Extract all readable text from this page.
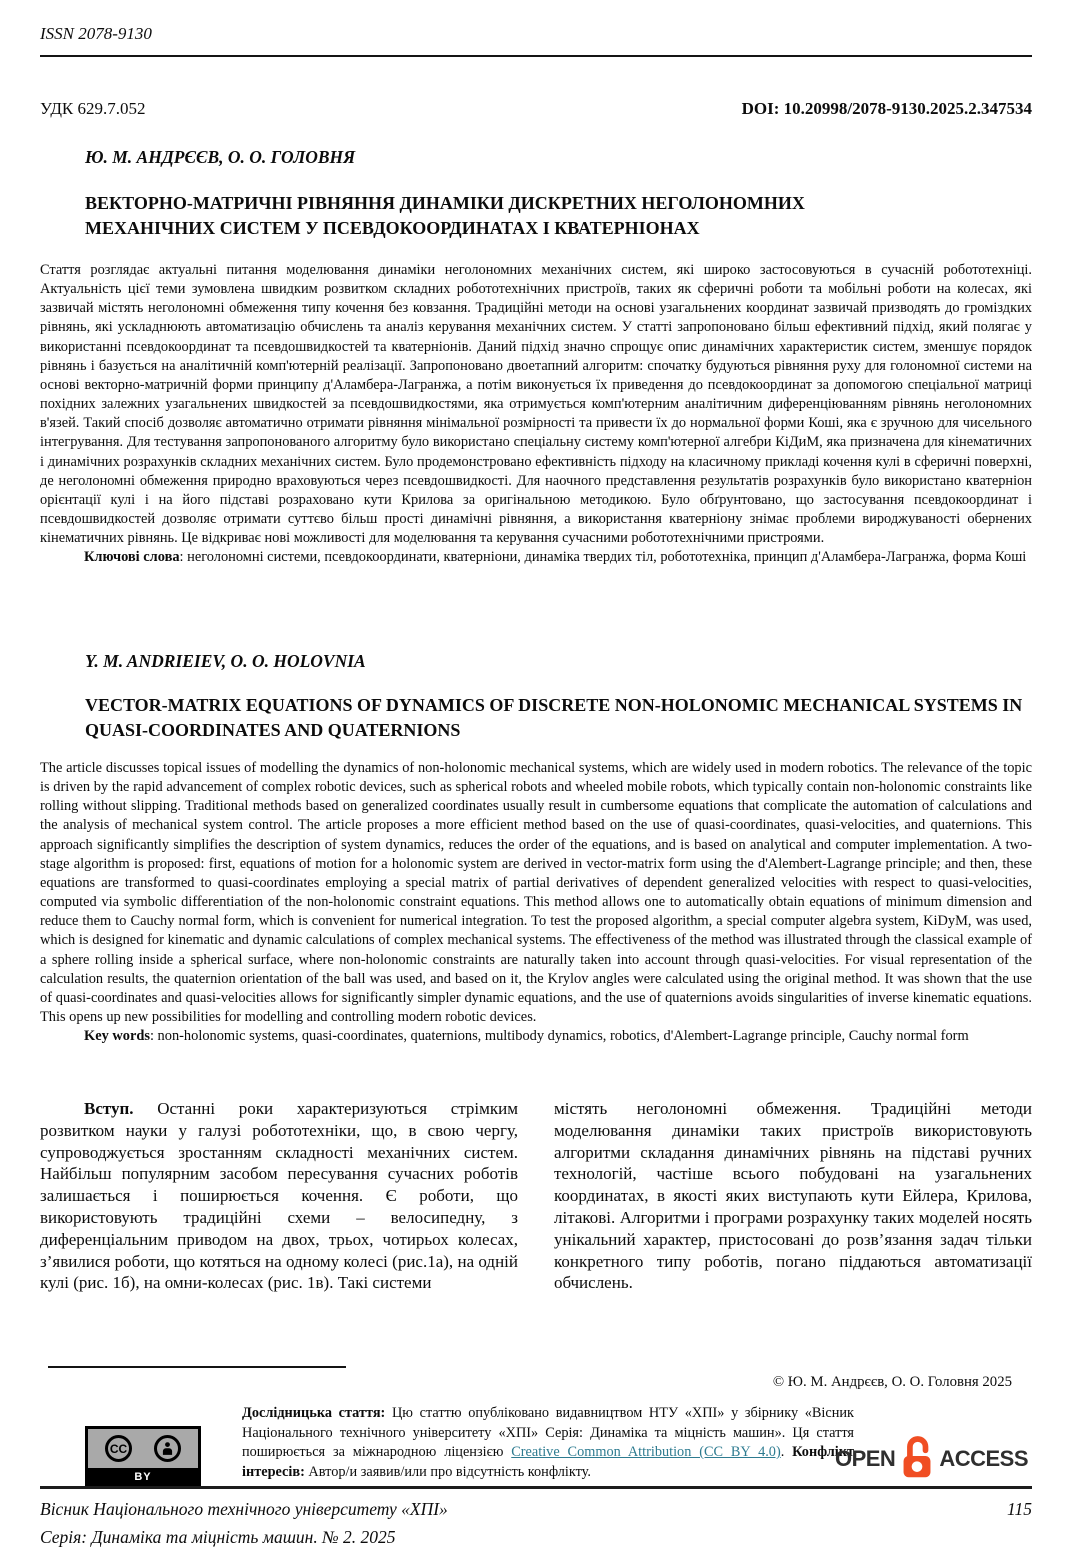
ISSN 2078-9130
УДК 629.7.052	DOI: 10.20998/2078-9130.2025.2.347534
Ю. М. АНДРЄЄВ, О. О. ГОЛОВНЯ
ВЕКТОРНО-МАТРИЧНІ РІВНЯННЯ ДИНАМІКИ ДИСКРЕТНИХ НЕГОЛОНОМНИХ МЕХАНІЧНИХ СИСТЕМ У ПСЕВДОКООРДИНАТАХ І КВАТЕРНІОНАХ

Стаття розглядає актуальні питання моделювання динаміки неголономних механічних систем, які широко застосовуються в сучасній робототехніці. Актуальність цієї теми зумовлена швидким розвитком складних робототехнічних пристроїв, таких як сферичні роботи та мобільні роботи на колесах, які зазвичай містять неголономні обмеження типу кочення без ковзання. Традиційні методи на основі узагальнених координат зазвичай призводять до громіздких рівнянь, які ускладнюють автоматизацію обчислень та аналіз керування механічних систем. У статті запропоновано більш ефективний підхід, який полягає у використанні псевдокоординат та псевдошвидкостей та кватерніонів. Даний підхід значно спрощує опис динамічних характеристик систем, зменшує порядок рівнянь і базується на аналітичній комп'ютерній реалізації. Запропоновано двоетапний алгоритм: спочатку будуються рівняння руху для голономної системи на основі векторно-матричній форми принципу д'Аламбера-Лагранжа, а потім виконується їх приведення до псевдокоординат за допомогою спеціальної матриці похідних залежних узагальнених швидкостей за псевдошвидкостями, яка отримується комп'ютерним аналітичним диференціюванням рівнянь неголономних в'язей. Такий спосіб дозволяє автоматично отримати рівняння мінімальної розмірності та привести їх до нормальної форми Коші, яка є зручною для чисельного інтегрування. Для тестування запропонованого алгоритму було використано спеціальну систему комп'ютерної алгебри КіДиМ, яка призначена для кінематичних і динамічних розрахунків складних механічних систем. Було продемонстровано ефективність підходу на класичному прикладі кочення кулі в сферичні поверхні, де неголономні обмеження природно враховуються через псевдошвидкості. Для наочного представлення результатів розрахунків було використано кватерніон орієнтації кулі і на його підставі розраховано кути Крилова за оригінальною методикою. Було обґрунтовано, що застосування псевдокоординат і псевдошвидкостей дозволяє отримати суттєво більш прості динамічні рівняння, а використання кватерніону знімає проблеми вироджуваності обернених кінематичних рівнянь. Це відкриває нові можливості для моделювання та керування сучасними робототехнічними пристроями.

Ключові слова: неголономні системи, псевдокоординати, кватерніони, динаміка твердих тіл, робототехніка, принцип д'Аламбера-Лагранжа, форма Коші

Y. M. ANDRIEIEV, O. O. HOLOVNIA
VECTOR-MATRIX EQUATIONS OF DYNAMICS OF DISCRETE NON-HOLONOMIC MECHANICAL SYSTEMS IN QUASI-COORDINATES AND QUATERNIONS

The article discusses topical issues of modelling the dynamics of non-holonomic mechanical systems, which are widely used in modern robotics. The relevance of the topic is driven by the rapid advancement of complex robotic devices, such as spherical robots and wheeled mobile robots, which typically contain non-holonomic constraints like rolling without slipping. Traditional methods based on generalized coordinates usually result in cumbersome equations that complicate the automation of calculations and the analysis of mechanical system control. The article proposes a more efficient method based on the use of quasi-coordinates, quasi-velocities, and quaternions. This approach significantly simplifies the description of system dynamics, reduces the order of the equations, and is based on analytical and computer implementation. A two-stage algorithm is proposed: first, equations of motion for a holonomic system are derived in vector-matrix form using the d'Alembert-Lagrange principle; and then, these equations are transformed to quasi-coordinates employing a special matrix of partial derivatives of dependent generalized velocities with respect to quasi-velocities, computed via symbolic differentiation of the non-holonomic constraint equations. This method allows one to automatically obtain equations of minimum dimension and reduce them to Cauchy normal form, which is convenient for numerical integration. To test the proposed algorithm, a special computer algebra system, KiDyM, was used, which is designed for kinematic and dynamic calculations of complex mechanical systems. The effectiveness of the method was illustrated through the classical example of a sphere rolling inside a spherical surface, where non-holonomic constraints are naturally taken into account through quasi-velocities. For visual representation of the calculation results, the quaternion orientation of the ball was used, and based on it, the Krylov angles were calculated using the original method. It was shown that the use of quasi-coordinates and quasi-velocities allows for significantly simpler dynamic equations, and the use of quaternions avoids singularities of inverse kinematic equations. This opens up new possibilities for modelling and controlling modern robotic devices.

Key words: non-holonomic systems, quasi-coordinates, quaternions, multibody dynamics, robotics, d'Alembert-Lagrange principle, Cauchy normal form

Вступ. Останні роки характеризуються стрімким розвитком науки у галузі робототехніки, що, в свою чергу, супроводжується зростанням складності механічних систем. Найбільш популярним засобом пересування сучасних роботів залишається і поширюється кочення. Є роботи, що використовують традиційні схеми – велосипедну, з диференціальним приводом на двох, трьох, чотирьох колесах, з’явилися роботи, що котяться на одному колесі (рис.1а), на одній кулі (рис. 1б), на омни-колесах (рис. 1в). Такі системи

містять неголономні обмеження. Традиційні методи моделювання динаміки таких пристроїв використовують алгоритми складання динамічних рівнянь на підставі ручних технологій, частіше всього побудовані на узагальнених координатах, в якості яких виступають кути Ейлера, Крилова, літакові. Алгоритми і програми розрахунку таких моделей носять унікальний характер, пристосовані до розв’язання задач тільки конкретного типу роботів, погано піддаються автоматизації обчислень.

© Ю. М. Андрєєв, О. О. Головня 2025
CC
BY
Дослідницька стаття: Цю статтю опубліковано видавництвом НТУ «ХПІ» у збірнику «Вісник Національного технічного університету «ХПІ» Серія: Динаміка та міцність машин». Ця стаття поширюється за міжнародною ліцензією Creative Common Attribution (CC BY 4.0). Конфлікт інтересів: Автор/и заявив/или про відсутність конфлікту.
OPEN ACCESS
Вісник Національного технічного університету «ХПІ»	115
Серія: Динаміка та міцність машин. № 2. 2025
